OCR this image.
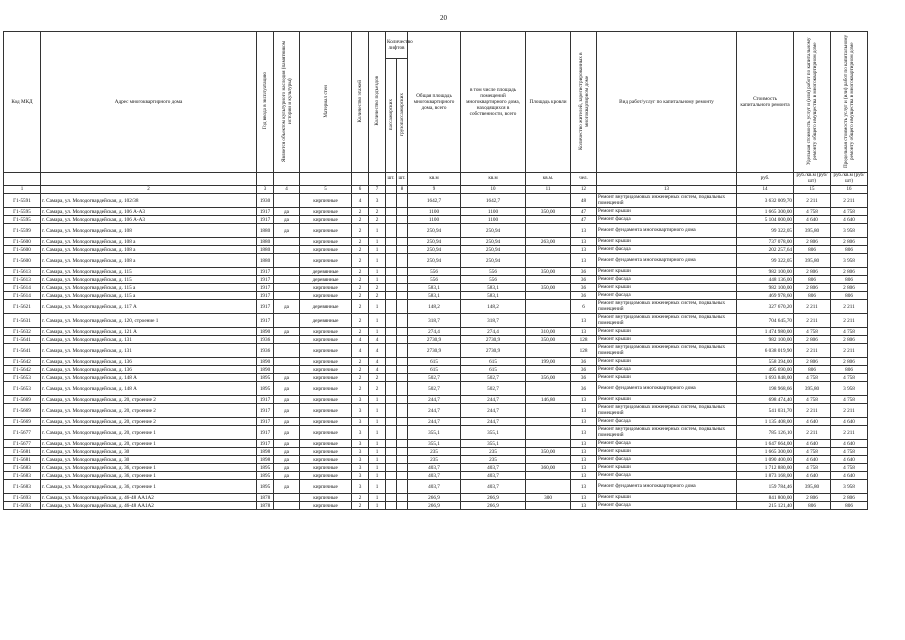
20
Код МКД	Адрес многоквартирного дома	Год ввода в эксплуатацию	Является объектом культурного наследия (памятником истории и культуры)	Материал стен	Количество этажей	Количество подъездов	Количество лифтов		Общая площадь многоквартирного дома, всего	в том числе площадь помещений многоквартирного дома, находящихся в собственности, всего	Площадь кровли	Количество жителей, зарегистрированных в многоквартирном доме	Вид работ/услуг по капитальному ремонту	Стоимость капитального ремонта	Удельная стоимость услуг и (или) работ по капитальному ремонту общего имущества в многоквартирном доме	Предельная стоимость услуг и (или) работ по капитальному ремонту общего имущества в многоквартирном доме
							пассажирских	грузопассажирских								
							шт.	шт.	кв.м	кв.м	кв.м.	чел.		руб.	руб./кв.м (руб/шт)	руб./кв.м (руб/шт)
1	2	3	4	5	6	7		8	9	10	11	12	13	14	15	16
Г1-5591	г. Самара, ул. Молодогвардейская, д. 102/38	1930		кирпичные	4	3			1642,7	1642,7		48	Ремонт внутридомовых инженерных систем, подвальных помещений	3 632 009,70	2 211	2 211
Г1-5595	г. Самара, ул. Молодогвардейская, д. 106 А-А3	1917	да	кирпичные	2	2			1100	1100	350,00	47	Ремонт крыши	1 665 300,00	4 758	4 758
Г1-5595	г. Самара, ул. Молодогвардейская, д. 106 А-А3	1917	да	кирпичные	2	2			1100	1100		47	Ремонт фасада	5 104 000,00	4 640	4 640
Г1-5599	г. Самара, ул. Молодогвардейская, д. 108	1880	да	кирпичные	2	1			250,94	250,94		13	Ремонт фундамента многоквартирного дома	99 322,05	395,80	3 958
Г1-5600	г. Самара, ул. Молодогвардейская, д. 108 а	1880		кирпичные	2	1			250,94	250,94	263,00	13	Ремонт крыши	737 078,00	2 806	2 806
Г1-5600	г. Самара, ул. Молодогвардейская, д. 108 а	1880		кирпичные	2	1			250,94	250,94		13	Ремонт фасада	202 257,64	806	806
Г1-5600	г. Самара, ул. Молодогвардейская, д. 108 а	1880		кирпичные	2	1			250,94	250,94		13	Ремонт фундамента многоквартирного дома	99 322,05	395,80	3 958
Г1-5613	г. Самара, ул. Молодогвардейская, д. 115	1917		деревянные	2	1			556	556	350,00	36	Ремонт крыши	982 100,00	2 806	2 806
Г1-5613	г. Самара, ул. Молодогвардейская, д. 115	1917		деревянные	2	1			556	556		36	Ремонт фасада	448 136,00	806	806
Г1-5614	г. Самара, ул. Молодогвардейская, д. 115 а	1917		кирпичные	2	2			583,1	583,1	350,00	36	Ремонт крыши	982 100,00	2 806	2 806
Г1-5614	г. Самара, ул. Молодогвардейская, д. 115 а	1917		кирпичные	2	2			583,1	583,1		36	Ремонт фасада	469 978,60	806	806
Г1-5621	г. Самара, ул. Молодогвардейская, д. 117 А	1917	да	деревянные	2	1			148,2	148,2		6	Ремонт внутридомовых инженерных систем, подвальных помещений	327 670,20	2 211	2 211
Г1-5631	г. Самара, ул. Молодогвардейская, д. 120, строение 1	1917		деревянные	2	1			318,7	318,7		13	Ремонт внутридомовых инженерных систем, подвальных помещений	704 645,70	2 211	2 211
Г1-5632	г. Самара, ул. Молодогвардейская, д. 121 А	1890	да	кирпичные	2	1			274,4	274,4	310,00	13	Ремонт крыши	1 474 980,00	4 758	4 758
Г1-5641	г. Самара, ул. Молодогвардейская, д. 131	1936		кирпичные	4	4			2730,9	2730,9	350,00	128	Ремонт крыши	982 100,00	2 806	2 806
Г1-5641	г. Самара, ул. Молодогвардейская, д. 131	1936		кирпичные	4	4			2730,9	2730,9		128	Ремонт внутридомовых инженерных систем, подвальных помещений	6 038 019,90	2 211	2 211
Г1-5642	г. Самара, ул. Молодогвардейская, д. 136	1890		кирпичные	2	4			615	615	199,00	36	Ремонт крыши	558 394,00	2 806	2 806
Г1-5642	г. Самара, ул. Молодогвардейская, д. 136	1890		кирпичные	2	4			615	615		36	Ремонт фасада	495 690,00	806	806
Г1-5653	г. Самара, ул. Молодогвардейская, д. 148 А	1895	да	кирпичные	2	2			502,7	502,7	356,00	36	Ремонт крыши	1 693 848,00	4 758	4 758
Г1-5653	г. Самара, ул. Молодогвардейская, д. 148 А	1895	да	кирпичные	2	2			502,7	502,7		36	Ремонт фундамента многоквартирного дома	198 968,66	395,80	3 958
Г1-5669	г. Самара, ул. Молодогвардейская, д. 20, строение 2	1917	да	кирпичные	3	1			244,7	244,7	146,80	13	Ремонт крыши	698 474,40	4 758	4 758
Г1-5669	г. Самара, ул. Молодогвардейская, д. 20, строение 2	1917	да	кирпичные	3	1			244,7	244,7		13	Ремонт внутридомовых инженерных систем, подвальных помещений	541 031,70	2 211	2 211
Г1-5669	г. Самара, ул. Молодогвардейская, д. 20, строение 2	1917	да	кирпичные	3	1			244,7	244,7		13	Ремонт фасада	1 135 408,00	4 640	4 640
Г1-5677	г. Самара, ул. Молодогвардейская, д. 20, строение 1	1917	да	кирпичные	3	1			355,1	355,1		13	Ремонт внутридомовых инженерных систем, подвальных помещений	785 126,10	2 211	2 211
Г1-5677	г. Самара, ул. Молодогвардейская, д. 20, строение 1	1917	да	кирпичные	3	1			355,1	355,1		13	Ремонт фасада	1 647 664,00	4 640	4 640
Г1-5681	г. Самара, ул. Молодогвардейская, д. 30	1898	да	кирпичные	3	1			235	235	350,00	13	Ремонт крыши	1 665 300,00	4 758	4 758
Г1-5681	г. Самара, ул. Молодогвардейская, д. 30	1898	да	кирпичные	3	1			235	235		13	Ремонт фасада	1 090 400,00	4 640	4 640
Г1-5683	г. Самара, ул. Молодогвардейская, д. 36, строение 1	1895	да	кирпичные	3	1			403,7	403,7	360,00	13	Ремонт крыши	1 712 880,00	4 758	4 758
Г1-5683	г. Самара, ул. Молодогвардейская, д. 36, строение 1	1895	да	кирпичные	3	1			403,7	403,7		13	Ремонт фасада	1 873 168,00	4 640	4 640
Г1-5683	г. Самара, ул. Молодогвардейская, д. 36, строение 1	1895	да	кирпичные	3	1			403,7	403,7		13	Ремонт фундамента многоквартирного дома	159 784,46	395,80	3 958
Г1-5693	г. Самара, ул. Молодогвардейская, д. 46-48 АА1А2	1878		кирпичные	2	1			266,9	266,9	300	13	Ремонт крыши	841 800,00	2 806	2 806
Г1-5693	г. Самара, ул. Молодогвардейская, д. 46-48 АА1А2	1878		кирпичные	2	1			266,9	266,9		13	Ремонт фасада	215 121,40	806	806
